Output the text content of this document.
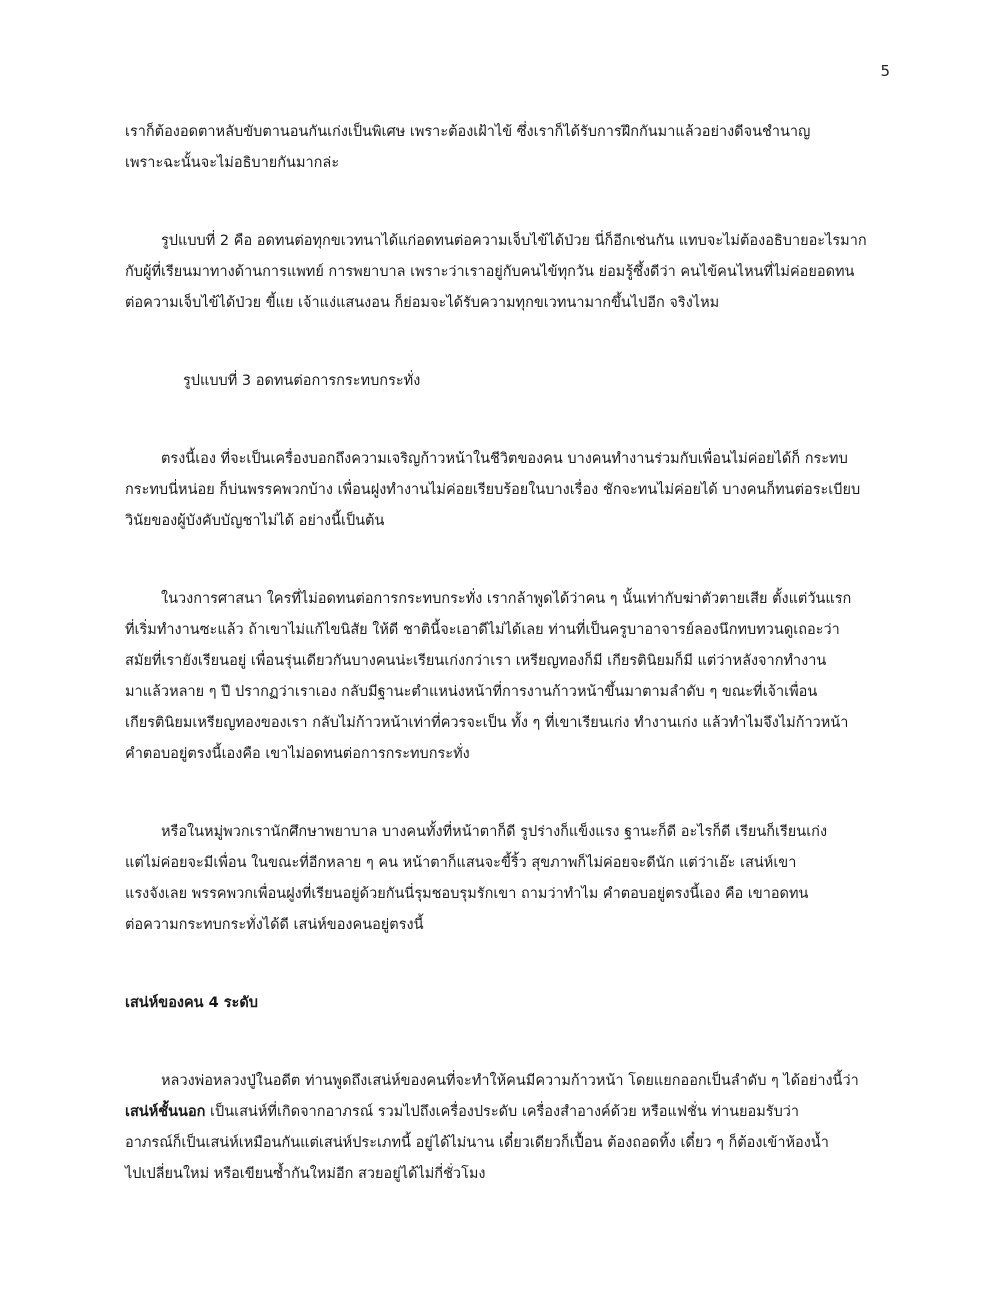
5
เราก็ต้องอดตาหลับขับตานอนกันเก่งเป็นพิเศษ เพราะต้องเฝ้าไข้ ซึ่งเราก็ได้รับการฝึกกันมาแล้วอย่างดีจนชำนาญ
เพราะฉะนั้นจะไม่อธิบายกันมากล่ะ
รูปแบบที่ 2 คือ อดทนต่อทุกขเวทนาได้แก่อดทนต่อความเจ็บไข้ได้ป่วย นี่ก็อีกเช่นกัน แทบจะไม่ต้องอธิบายอะไรมาก
กับผู้ที่เรียนมาทางด้านการแพทย์ การพยาบาล เพราะว่าเราอยู่กับคนไข้ทุกวัน ย่อมรู้ซึ้งดีว่า คนไข้คนไหนที่ไม่ค่อยอดทน
ต่อความเจ็บไข้ได้ป่วย ขี้แย เจ้าแง่แสนงอน ก็ย่อมจะได้รับความทุกขเวทนามากขึ้นไปอีก จริงไหม
รูปแบบที่ 3 อดทนต่อการกระทบกระทั่ง
ตรงนี้เอง ที่จะเป็นเครื่องบอกถึงความเจริญก้าวหน้าในชีวิตของคน บางคนทำงานร่วมกับเพื่อนไม่ค่อยได้ก็ กระทบ
กระทบนี่หน่อย ก็บ่นพรรคพวกบ้าง เพื่อนฝูงทำงานไม่ค่อยเรียบร้อยในบางเรื่อง ชักจะทนไม่ค่อยได้ บางคนก็ทนต่อระเบียบ
วินัยของผู้บังคับบัญชาไม่ได้ อย่างนี้เป็นต้น
ในวงการศาสนา ใครที่ไม่อดทนต่อการกระทบกระทั่ง เรากล้าพูดได้ว่าคน ๆ นั้นเท่ากับฆ่าตัวตายเสีย ตั้งแต่วันแรก
ที่เริ่มทำงานซะแล้ว ถ้าเขาไม่แก้ไขนิสัย ให้ดี ชาตินี้จะเอาดีไม่ได้เลย ท่านที่เป็นครูบาอาจารย์ลองนึกทบทวนดูเถอะว่า
สมัยที่เรายังเรียนอยู่ เพื่อนรุ่นเดียวกันบางคนน่ะเรียนเก่งกว่าเรา เหรียญทองก็มี เกียรตินิยมก็มี แต่ว่าหลังจากทำงาน
มาแล้วหลาย ๆ ปี ปรากฏว่าเราเอง กลับมีฐานะตำแหน่งหน้าที่การงานก้าวหน้าขึ้นมาตามลำดับ ๆ ขณะที่เจ้าเพื่อน
เกียรตินิยมเหรียญทองของเรา กลับไม่ก้าวหน้าเท่าที่ควรจะเป็น ทั้ง ๆ ที่เขาเรียนเก่ง ทำงานเก่ง แล้วทำไมจึงไม่ก้าวหน้า
คำตอบอยู่ตรงนี้เองคือ เขาไม่อดทนต่อการกระทบกระทั่ง
หรือในหมู่พวกเรานักศึกษาพยาบาล บางคนทั้งที่หน้าตาก็ดี รูปร่างก็แข็งแรง ฐานะก็ดี อะไรก็ดี เรียนก็เรียนเก่ง
แต่ไม่ค่อยจะมีเพื่อน ในขณะที่อีกหลาย ๆ คน หน้าตาก็แสนจะขี้ริ้ว สุขภาพก็ไม่ค่อยจะดีนัก แต่ว่าเอ๊ะ เสน่ห์เขา
แรงจังเลย พรรคพวกเพื่อนฝูงที่เรียนอยู่ด้วยกันนี่รุมชอบรุมรักเขา ถามว่าทำไม คำตอบอยู่ตรงนี้เอง คือ เขาอดทน
ต่อความกระทบกระทั่งได้ดี เสน่ห์ของคนอยู่ตรงนี้
เสน่ห์ของคน 4 ระดับ
หลวงพ่อหลวงปู่ในอดีต ท่านพูดถึงเสน่ห์ของคนที่จะทำให้คนมีความก้าวหน้า โดยแยกออกเป็นลำดับ ๆ ได้อย่างนี้ว่า
เสน่ห์ชั้นนอก เป็นเสน่ห์ที่เกิดจากอาภรณ์ รวมไปถึงเครื่องประดับ เครื่องสำอางค์ด้วย หรือแฟชั่น ท่านยอมรับว่า
อาภรณ์ก็เป็นเสน่ห์เหมือนกันแต่เสน่ห์ประเภทนี้ อยู่ได้ไม่นาน เดี๋ยวเดียวก็เปื้อน ต้องถอดทิ้ง เดี๋ยว ๆ ก็ต้องเข้าห้องน้ำ
ไปเปลี่ยนใหม่ หรือเขียนซ้ำกันใหม่อีก สวยอยู่ได้ไม่กี่ชั่วโมง
